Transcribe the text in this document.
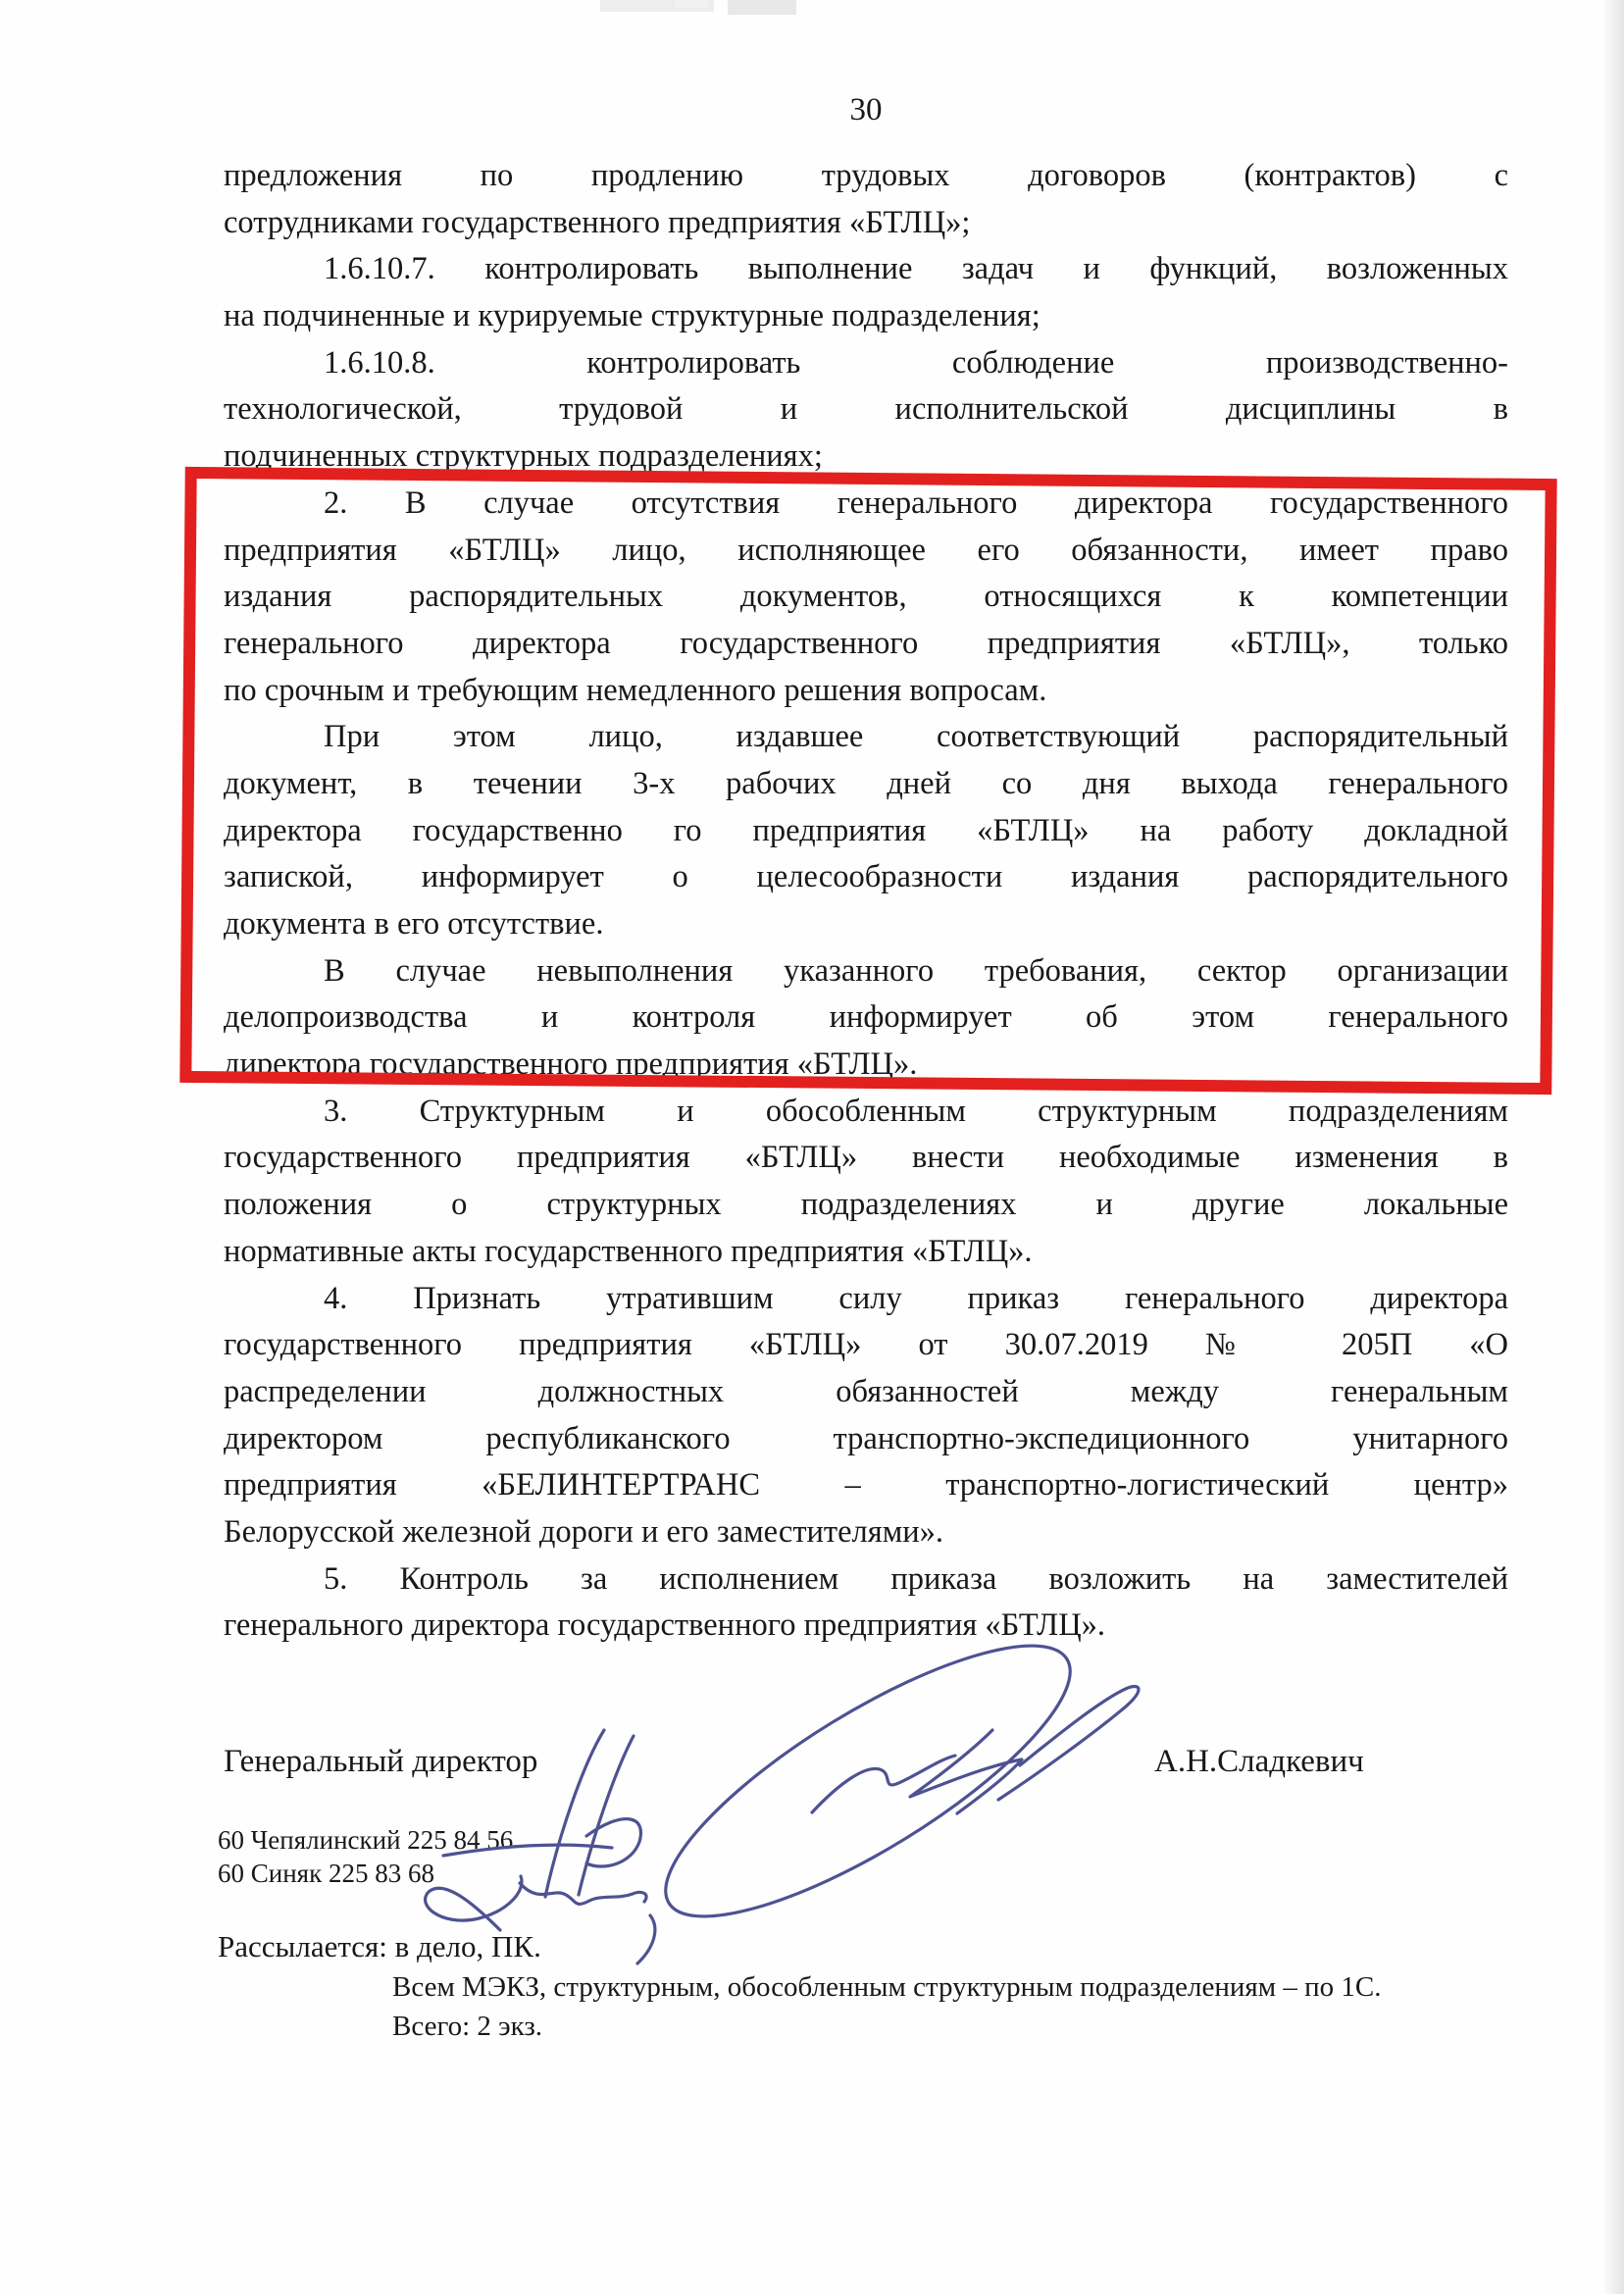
30
предложения по продлению трудовых договоров (контрактов) с
сотрудниками государственного предприятия «БТЛЦ»;
1.6.10.7. контролировать выполнение задач и функций, возложенных
на подчиненные и курируемые структурные подразделения;
1.6.10.8. контролировать соблюдение производственно-
технологической, трудовой и исполнительской дисциплины в
подчиненных структурных подразделениях;
2. В случае отсутствия генерального директора государственного
предприятия «БТЛЦ» лицо, исполняющее его обязанности, имеет право
издания распорядительных документов, относящихся к компетенции
генерального директора государственного предприятия «БТЛЦ», только
по срочным и требующим немедленного решения вопросам.
При этом лицо, издавшее соответствующий распорядительный
документ, в течении 3-х рабочих дней со дня выхода генерального
директора государственно го предприятия «БТЛЦ» на работу докладной
запиской, информирует о целесообразности издания распорядительного
документа в его отсутствие.
В случае невыполнения указанного требования, сектор организации
делопроизводства и контроля информирует об этом генерального
директора государственного предприятия «БТЛЦ».
3. Структурным и обособленным структурным подразделениям
государственного предприятия «БТЛЦ» внести необходимые изменения в
положения о структурных подразделениях и другие локальные
нормативные акты государственного предприятия «БТЛЦ».
4. Признать утратившим силу приказ генерального директора
государственного предприятия «БТЛЦ» от 30.07.2019 № 205П «О
распределении должностных обязанностей между генеральным
директором республиканского транспортно-экспедиционного унитарного
предприятия «БЕЛИНТЕРТРАНС – транспортно-логистический центр»
Белорусской железной дороги и его заместителями».
5. Контроль за исполнением приказа возложить на заместителей
генерального директора государственного предприятия «БТЛЦ».
Генеральный директор	А.Н.Сладкевич
60 Чепялинский 225 84 56
60 Синяк 225 83 68
Рассылается: в дело, ПК.
Всем МЭКЗ, структурным, обособленным структурным подразделениям – по 1С.
Всего: 2 экз.
